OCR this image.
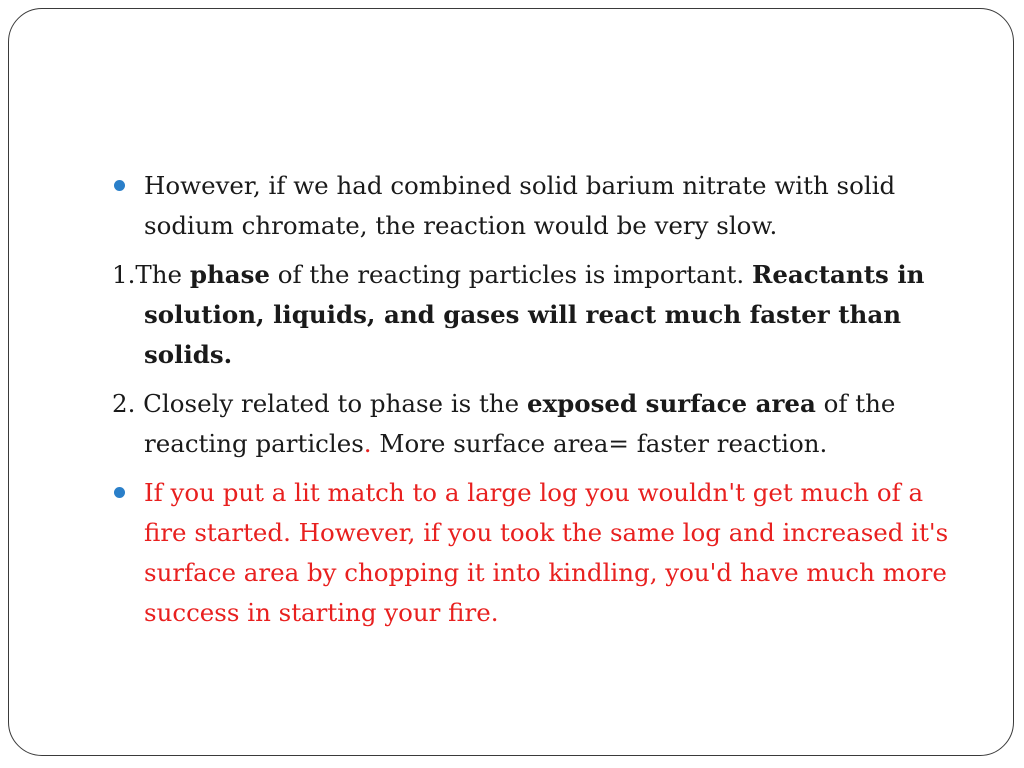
However, if we had combined solid barium nitrate with solid sodium chromate, the reaction would be very slow.
1.The phase of the reacting particles is important. Reactants in solution, liquids, and gases will react much faster than solids.
2. Closely related to phase is the exposed surface area of the reacting particles. More surface area= faster reaction.
If you put a lit match to a large log you wouldn't get much of a fire started. However, if you took the same log and increased it's surface area by chopping it into kindling, you'd have much more success in starting your fire.
